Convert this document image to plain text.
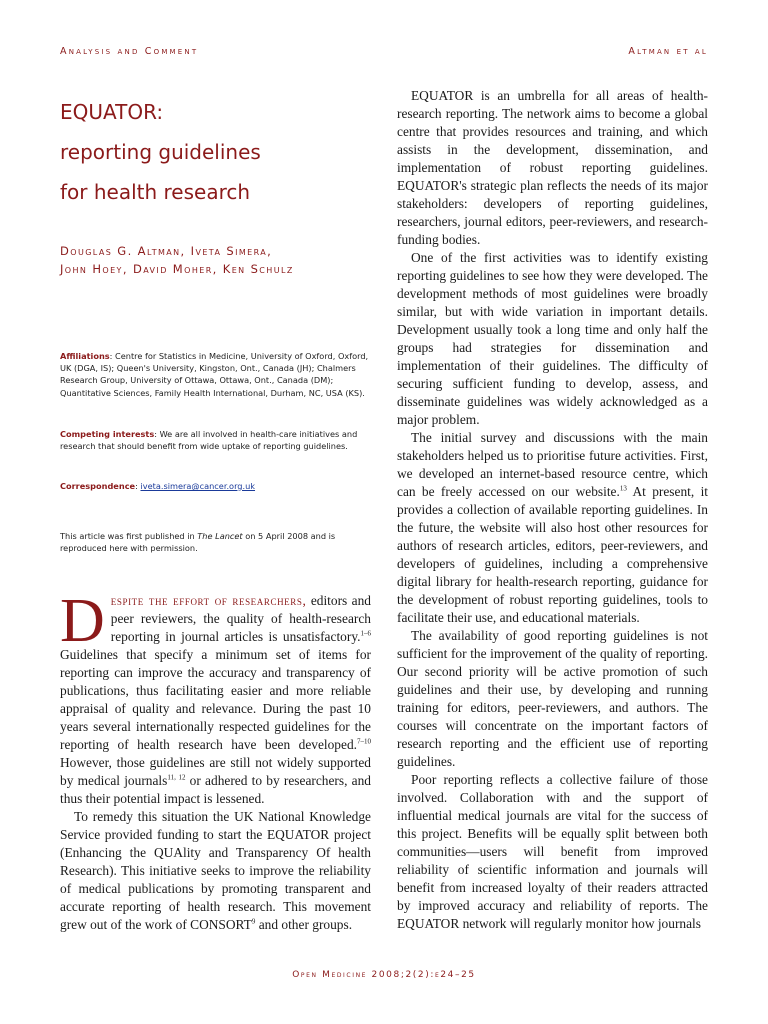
Analysis and Comment	Altman et al
EQUATOR:
reporting guidelines
for health research
Douglas G. Altman, Iveta Simera,
John Hoey, David Moher, Ken Schulz
Affiliations: Centre for Statistics in Medicine, University of Oxford, Oxford, UK (DGA, IS); Queen's University, Kingston, Ont., Canada (JH); Chalmers Research Group, University of Ottawa, Ottawa, Ont., Canada (DM); Quantitative Sciences, Family Health International, Durham, NC, USA (KS).
Competing interests: We are all involved in health-care initiatives and research that should benefit from wide uptake of reporting guidelines.
Correspondence: iveta.simera@cancer.org.uk
This article was first published in The Lancet on 5 April 2008 and is reproduced here with permission.

Despite the effort of researchers, editors and peer reviewers, the quality of health-research reporting in journal articles is unsatisfactory.$^{1-6}$ Guidelines that specify a minimum set of items for reporting can improve the accuracy and transparency of publications, thus facilitating easier and more reliable appraisal of quality and relevance. During the past 10 years several internationally respected guidelines for the reporting of health research have been developed.$^{7-10}$ However, those guidelines are still not widely supported by medical journals$^{11, 12}$ or adhered to by researchers, and thus their potential impact is lessened.

To remedy this situation the UK National Knowledge Service provided funding to start the EQUATOR project (Enhancing the QUAlity and Transparency Of health Research). This initiative seeks to improve the reliability of medical publications by promoting transparent and accurate reporting of health research. This movement grew out of the work of CONSORT$^9$ and other groups.

EQUATOR is an umbrella for all areas of health-research reporting. The network aims to become a global centre that provides resources and training, and which assists in the development, dissemination, and implementation of robust reporting guidelines. EQUATOR's strategic plan reflects the needs of its major stakeholders: developers of reporting guidelines, researchers, journal editors, peer-reviewers, and research-funding bodies.

One of the first activities was to identify existing reporting guidelines to see how they were developed. The development methods of most guidelines were broadly similar, but with wide variation in important details. Development usually took a long time and only half the groups had strategies for dissemination and implementation of their guidelines. The difficulty of securing sufficient funding to develop, assess, and disseminate guidelines was widely acknowledged as a major problem.

The initial survey and discussions with the main stakeholders helped us to prioritise future activities. First, we developed an internet-based resource centre, which can be freely accessed on our website.$^{13}$ At present, it provides a collection of available reporting guidelines. In the future, the website will also host other resources for authors of research articles, editors, peer-reviewers, and developers of guidelines, including a comprehensive digital library for health-research reporting, guidance for the development of robust reporting guidelines, tools to facilitate their use, and educational materials.

The availability of good reporting guidelines is not sufficient for the improvement of the quality of reporting. Our second priority will be active promotion of such guidelines and their use, by developing and running training for editors, peer-reviewers, and authors. The courses will concentrate on the important factors of research reporting and the efficient use of reporting guidelines.

Poor reporting reflects a collective failure of those involved. Collaboration with and the support of influential medical journals are vital for the success of this project. Benefits will be equally split between both communities—users will benefit from improved reliability of scientific information and journals will benefit from increased loyalty of their readers attracted by improved accuracy and reliability of reports. The EQUATOR network will regularly monitor how journals

Open Medicine 2008;2(2):e24–25
